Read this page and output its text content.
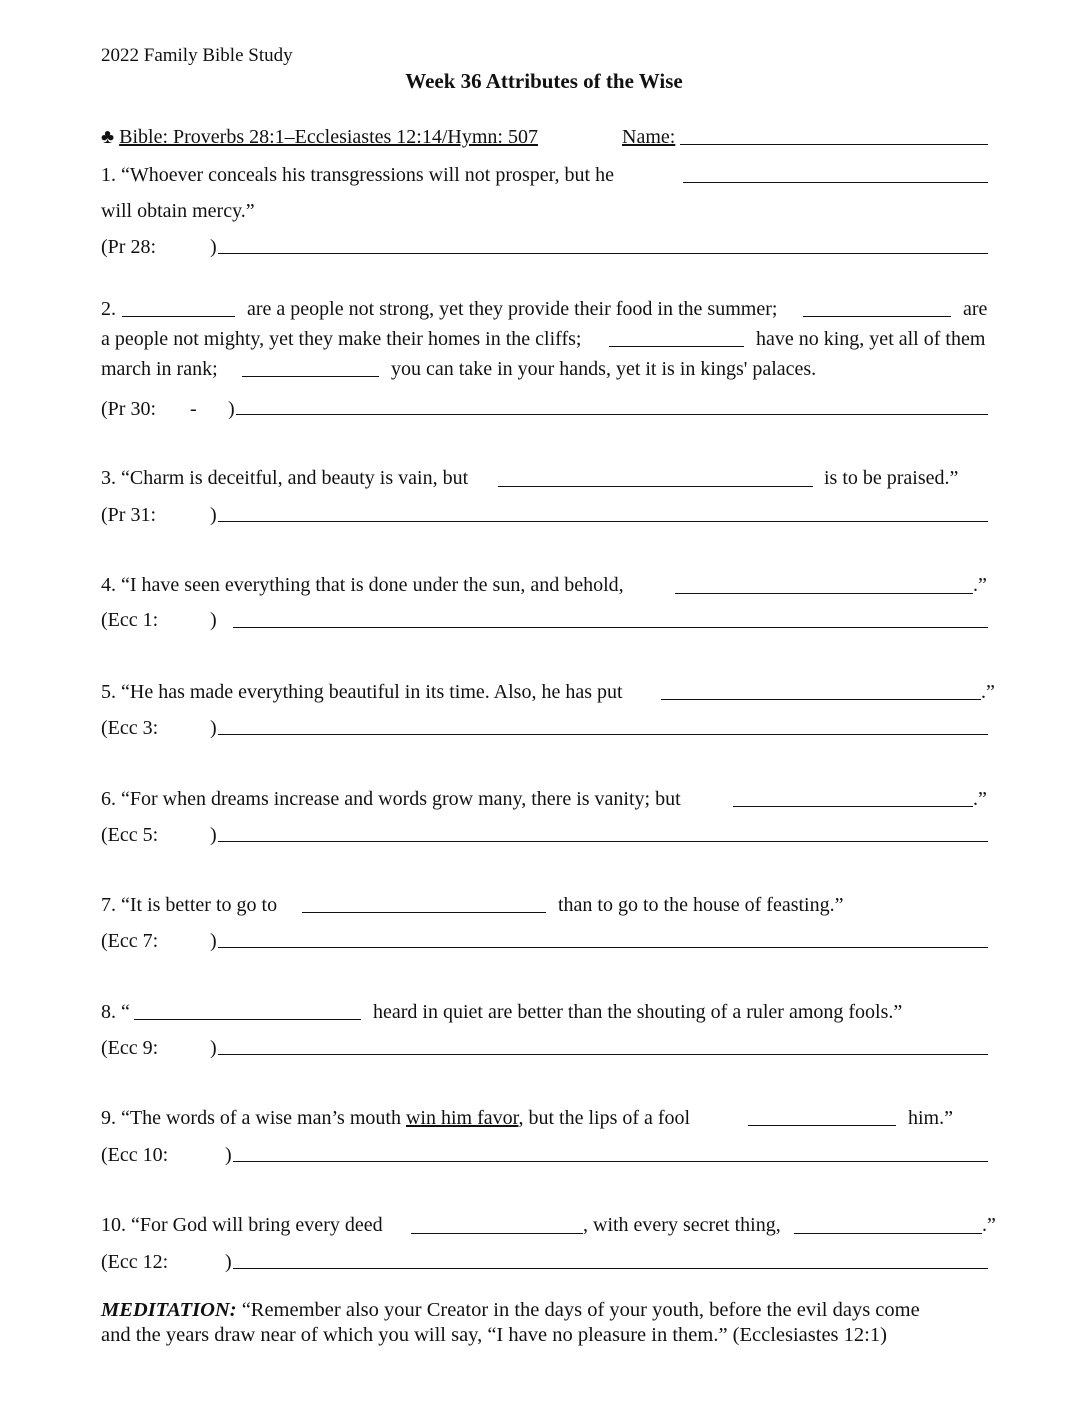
2022 Family Bible Study
Week 36 Attributes of the Wise
♣ Bible: Proverbs 28:1–Ecclesiastes 12:14/Hymn: 507	Name:
1. “Whoever conceals his transgressions will not prosper, but he
will obtain mercy.”
(Pr 28:	)
2.	are a people not strong, yet they provide their food in the summer;	are
a people not mighty, yet they make their homes in the cliffs;	have no king, yet all of them
march in rank;	you can take in your hands, yet it is in kings' palaces.
(Pr 30: - )
3. “Charm is deceitful, and beauty is vain, but	is to be praised.”
(Pr 31:	)
4. “I have seen everything that is done under the sun, and behold,	.”
(Ecc 1:	)
5. “He has made everything beautiful in its time. Also, he has put	.”
(Ecc 3:	)
6. “For when dreams increase and words grow many, there is vanity; but	.”
(Ecc 5:	)
7. “It is better to go to	than to go to the house of feasting.”
(Ecc 7:	)
8. “	heard in quiet are better than the shouting of a ruler among fools.”
(Ecc 9:	)
9. “The words of a wise man’s mouth win him favor, but the lips of a fool	him.”
(Ecc 10:	)
10. “For God will bring every deed	, with every secret thing,	.”
(Ecc 12:	)
MEDITATION: “Remember also your Creator in the days of your youth, before the evil days come
and the years draw near of which you will say, “I have no pleasure in them.” (Ecclesiastes 12:1)
